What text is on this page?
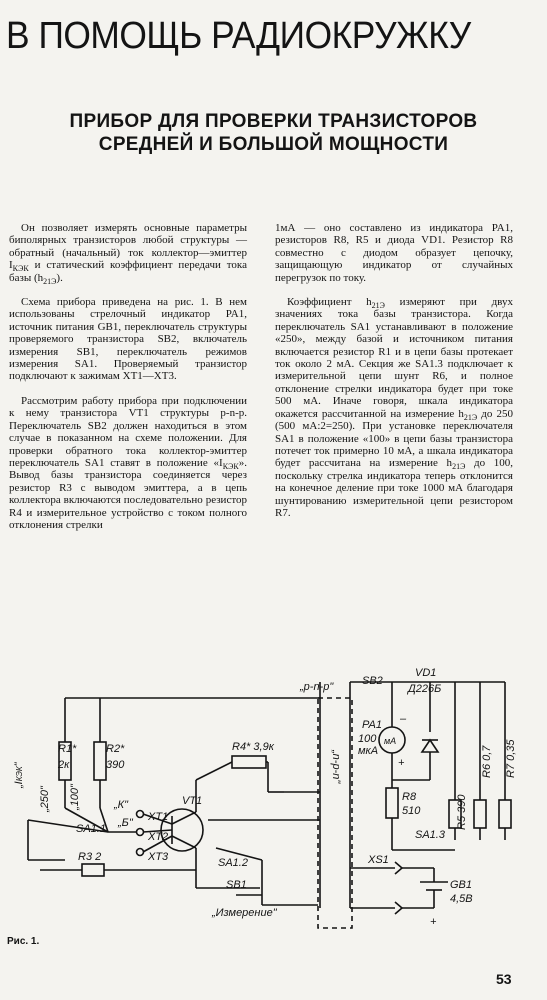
В ПОМОЩЬ РАДИОКРУЖКУ
ПРИБОР ДЛЯ ПРОВЕРКИ ТРАНЗИСТОРОВ
СРЕДНЕЙ И БОЛЬШОЙ МОЩНОСТИ

Он позволяет измерять основные параметры биполярных транзисторов любой структуры — обратный (начальный) ток коллектор—эмиттер $I_{КЭК}$ и статический коэффициент передачи тока базы $(h_{21Э})$.

Схема прибора приведена на рис. 1. В нем использованы стрелочный индикатор PA1, источник питания GB1, переключатель структуры проверяемого транзистора SB2, включатель измерения SB1, переключатель режимов измерения SA1. Проверяемый транзистор подключают к зажимам XT1—XT3.

Рассмотрим работу прибора при подключении к нему транзистора VT1 структуры p-n-p. Переключатель SB2 должен находиться в этом случае в показанном на схеме положении. Для проверки обратного тока коллектор-эмиттер переключатель SA1 ставят в положение «$I_{КЭК}$». Вывод базы транзистора соединяется через резистор R3 с выводом эмиттера, а в цепь коллектора включаются последовательно резистор R4 и измерительное устройство с током полного отклонения стрелки

1мА — оно составлено из индикатора PA1, резисторов R8, R5 и диода VD1. Резистор R8 совместно с диодом образует цепочку, защищающую индикатор от случайных перегрузок по току.

Коэффициент $h_{21Э}$ измеряют при двух значениях тока базы транзистора. Когда переключатель SA1 устанавливают в положение «250», между базой и источником питания включается резистор R1 и в цепи базы протекает ток около 2 мА. Секция же SA1.3 подключает к измерительной цепи шунт R6, и полное отклонение стрелки индикатора будет при токе 500 мА. Иначе говоря, шкала индикатора окажется рассчитанной на измерение $h_{21Э}$ до 250 (500 мА:2=250). При установке переключателя SA1 в положение «100» в цепи базы транзистора потечет ток примерно 10 мА, а шкала индикатора будет рассчитана на измерение $h_{21Э}$ до 100, поскольку стрелка индикатора теперь отклонится на конечное деление при токе 1000 мА благодаря шунтированию измерительной цепи резистором R7.

SB2
„p-n-p"
„n-p-n"
VD1
Д226Б
PA1
100
мкА
мА
–
+
R1*
2к
R2*
390
R4* 3,9к
VT1	R8
510	R5 390
R6 0,7 R7 0,35
„IКЭК"
„250" „100"	„К"
„Б"
SA1.1
XT1
XT2
XT3
R3 2	SA1.2
SA1.3
XS1
SB1
„Измерение"
GB1
4,5В
+
Рис. 1.
53
